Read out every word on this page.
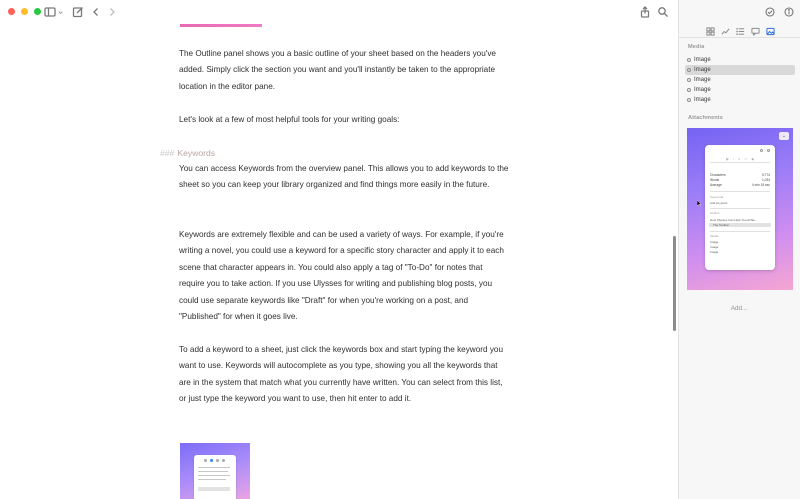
The Outline panel shows you a basic outline of your sheet based on the headers you've added. Simply click the section you want and you'll instantly be taken to the appropriate location in the editor pane.

Let's look at a few of most helpful tools for your writing goals:

### Keywords

You can access Keywords from the overview panel. This allows you to add keywords to the sheet so you can keep your library organized and find things more easily in the future.

Keywords are extremely flexible and can be used a variety of ways. For example, if you're writing a novel, you could use a keyword for a specific story character and apply it to each scene that character appears in. You could also apply a tag of "To-Do" for notes that require you to take action. If you use Ulysses for writing and publishing blog posts, you could use separate keywords like "Draft" for when you're working on a post, and "Published" for when it goes live.

To add a keyword to a sheet, just click the keywords box and start typing the keyword you want to use. Keywords will autocomplete as you type, showing you all the keywords that are in the system that match what you currently have written. You can select from this list, or just type the keyword you want to use, then hit enter to add it.

Media
Image
Image
Image
Image
Image
Attachments
⌄
▦ ⌇ ≡ ▭ ▣
Characters	5,774
Words	1,034
Average	4 min 15 sec
Keywords
Add keyword
Outline
How Ulysses Can Help You Achie...
The Toolbar
Media
Image
Image
Image
Add...
